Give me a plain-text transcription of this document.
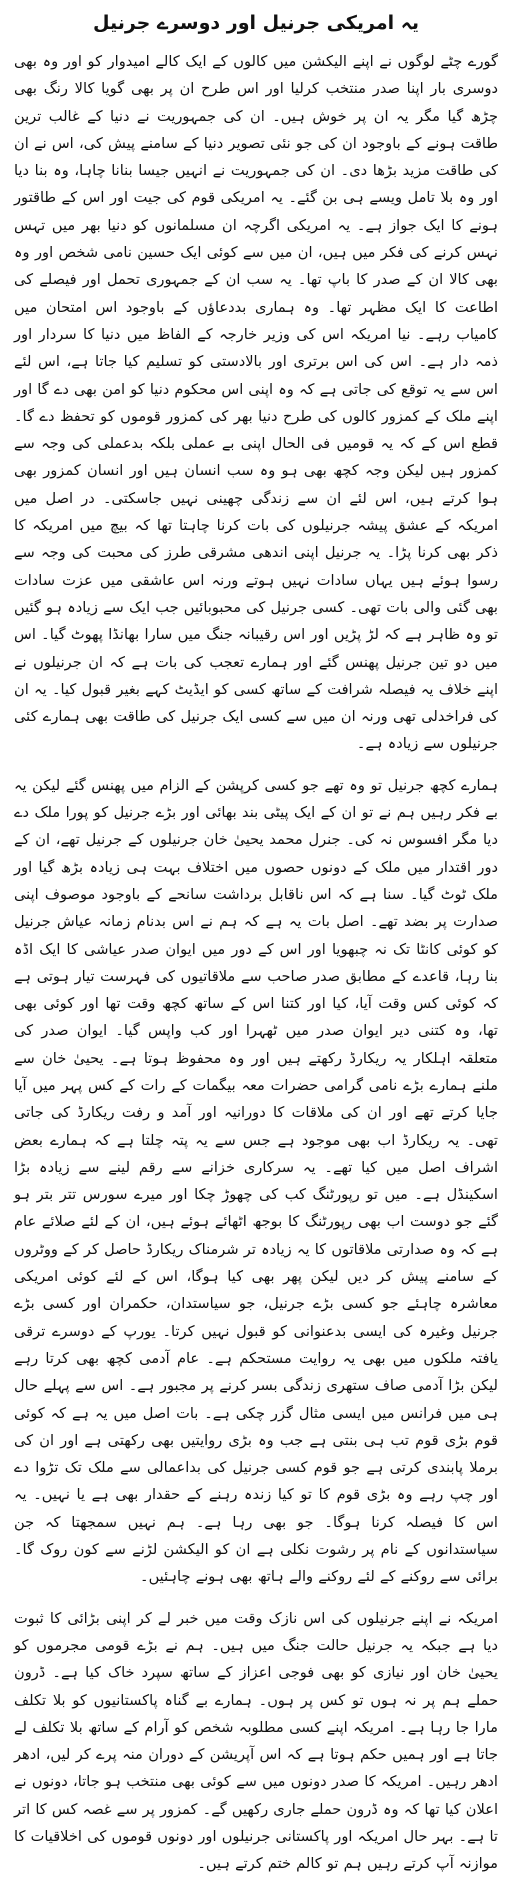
یہ امریکی جرنیل اور دوسرے جرنیل

گورے چٹے لوگوں نے اپنے الیکشن میں کالوں کے ایک کالے امیدوار کو اور وہ بھی دوسری بار اپنا صدر منتخب کرلیا اور اس طرح ان پر بھی گویا کالا رنگ بھی چڑھ گیا مگر یہ ان پر خوش ہیں۔ ان کی جمہوریت نے دنیا کے غالب ترین طاقت ہونے کے باوجود ان کی جو نئی تصویر دنیا کے سامنے پیش کی، اس نے ان کی طاقت مزید بڑھا دی۔ ان کی جمہوریت نے انہیں جیسا بنانا چاہا، وہ بنا دیا اور وہ بلا تامل ویسے ہی بن گئے۔ یہ امریکی قوم کی جیت اور اس کے طاقتور ہونے کا ایک جواز ہے۔ یہ امریکی اگرچہ ان مسلمانوں کو دنیا بھر میں تہس نہس کرنے کی فکر میں ہیں، ان میں سے کوئی ایک حسین نامی شخص اور وہ بھی کالا ان کے صدر کا باپ تھا۔ یہ سب ان کے جمہوری تحمل اور فیصلے کی اطاعت کا ایک مظہر تھا۔ وہ ہماری بددعاؤں کے باوجود اس امتحان میں کامیاب رہے۔ نیا امریکہ اس کی وزیر خارجہ کے الفاظ میں دنیا کا سردار اور ذمہ دار ہے۔ اس کی اس برتری اور بالادستی کو تسلیم کیا جاتا ہے، اس لئے اس سے یہ توقع کی جاتی ہے کہ وہ اپنی اس محکوم دنیا کو امن بھی دے گا اور اپنے ملک کے کمزور کالوں کی طرح دنیا بھر کی کمزور قوموں کو تحفظ دے گا۔ قطع اس کے کہ یہ قومیں فی الحال اپنی بے عملی بلکہ بدعملی کی وجہ سے کمزور ہیں لیکن وجہ کچھ بھی ہو وہ سب انسان ہیں اور انسان کمزور بھی ہوا کرتے ہیں، اس لئے ان سے زندگی چھینی نہیں جاسکتی۔ در اصل میں امریکہ کے عشق پیشہ جرنیلوں کی بات کرنا چاہتا تھا کہ بیچ میں امریکہ کا ذکر بھی کرنا پڑا۔ یہ جرنیل اپنی اندھی مشرقی طرز کی محبت کی وجہ سے رسوا ہوئے ہیں یہاں سادات نہیں ہوتے ورنہ اس عاشقی میں عزت سادات بھی گئی والی بات تھی۔ کسی جرنیل کی محبوبائیں جب ایک سے زیادہ ہو گئیں تو وہ ظاہر ہے کہ لڑ پڑیں اور اس رقیبانہ جنگ میں سارا بھانڈا پھوٹ گیا۔ اس میں دو تین جرنیل پھنس گئے اور ہمارے تعجب کی بات ہے کہ ان جرنیلوں نے اپنے خلاف یہ فیصلہ شرافت کے ساتھ کسی کو ایڈیٹ کہے بغیر قبول کیا۔ یہ ان کی فراخدلی تھی ورنہ ان میں سے کسی ایک جرنیل کی طاقت بھی ہمارے کئی جرنیلوں سے زیادہ ہے۔

ہمارے کچھ جرنیل تو وہ تھے جو کسی کرپشن کے الزام میں پھنس گئے لیکن یہ بے فکر رہیں ہم نے تو ان کے ایک پیٹی بند بھائی اور بڑے جرنیل کو پورا ملک دے دیا مگر افسوس نہ کی۔ جنرل محمد یحییٰ خان جرنیلوں کے جرنیل تھے، ان کے دور اقتدار میں ملک کے دونوں حصوں میں اختلاف بہت ہی زیادہ بڑھ گیا اور ملک ٹوٹ گیا۔ سنا ہے کہ اس ناقابل برداشت سانحے کے باوجود موصوف اپنی صدارت پر بضد تھے۔ اصل بات یہ ہے کہ ہم نے اس بدنام زمانہ عیاش جرنیل کو کوئی کانٹا تک نہ چبھویا اور اس کے دور میں ایوان صدر عیاشی کا ایک اڈہ بنا رہا، قاعدے کے مطابق صدر صاحب سے ملاقاتیوں کی فہرست تیار ہوتی ہے کہ کوئی کس وقت آیا، کیا اور کتنا اس کے ساتھ کچھ وقت تھا اور کوئی بھی تھا، وہ کتنی دیر ایوان صدر میں ٹھہرا اور کب واپس گیا۔ ایوان صدر کی متعلقہ اہلکار یہ ریکارڈ رکھتے ہیں اور وہ محفوظ ہوتا ہے۔ یحییٰ خان سے ملنے ہمارے بڑے نامی گرامی حضرات معہ بیگمات کے رات کے کس پہر میں آیا جایا کرتے تھے اور ان کی ملاقات کا دورانیہ اور آمد و رفت ریکارڈ کی جاتی تھی۔ یہ ریکارڈ اب بھی موجود ہے جس سے یہ پتہ چلتا ہے کہ ہمارے بعض اشراف اصل میں کیا تھے۔ یہ سرکاری خزانے سے رقم لینے سے زیادہ بڑا اسکینڈل ہے۔ میں تو رپورٹنگ کب کی چھوڑ چکا اور میرے سورس تتر بتر ہو گئے جو دوست اب بھی رپورٹنگ کا بوجھ اٹھائے ہوئے ہیں، ان کے لئے صلائے عام ہے کہ وہ صدارتی ملاقاتوں کا یہ زیادہ تر شرمناک ریکارڈ حاصل کر کے ووٹروں کے سامنے پیش کر دیں لیکن پھر بھی کیا ہوگا، اس کے لئے کوئی امریکی معاشرہ چاہئے جو کسی بڑے جرنیل، جو سیاستدان، حکمران اور کسی بڑے جرنیل وغیرہ کی ایسی بدعنوانی کو قبول نہیں کرتا۔ یورپ کے دوسرے ترقی یافتہ ملکوں میں بھی یہ روایت مستحکم ہے۔ عام آدمی کچھ بھی کرتا رہے لیکن بڑا آدمی صاف ستھری زندگی بسر کرنے پر مجبور ہے۔ اس سے پہلے حال ہی میں فرانس میں ایسی مثال گزر چکی ہے۔ بات اصل میں یہ ہے کہ کوئی قوم بڑی قوم تب ہی بنتی ہے جب وہ بڑی روایتیں بھی رکھتی ہے اور ان کی برملا پابندی کرتی ہے جو قوم کسی جرنیل کی بداعمالی سے ملک تک تڑوا دے اور چپ رہے وہ بڑی قوم کا تو کیا زندہ رہنے کے حقدار بھی ہے یا نہیں۔ یہ اس کا فیصلہ کرنا ہوگا۔ جو بھی رہا ہے۔ ہم نہیں سمجھتا کہ جن سیاستدانوں کے نام پر رشوت نکلی ہے ان کو الیکشن لڑنے سے کون روک گا۔ برائی سے روکنے کے لئے روکنے والے ہاتھ بھی ہونے چاہئیں۔

امریکہ نے اپنے جرنیلوں کی اس نازک وقت میں خبر لے کر اپنی بڑائی کا ثبوت دیا ہے جبکہ یہ جرنیل حالت جنگ میں ہیں۔ ہم نے بڑے قومی مجرموں کو یحییٰ خان اور نیازی کو بھی فوجی اعزاز کے ساتھ سپرد خاک کیا ہے۔ ڈرون حملے ہم پر نہ ہوں تو کس پر ہوں۔ ہمارے بے گناہ پاکستانیوں کو بلا تکلف مارا جا رہا ہے۔ امریکہ اپنے کسی مطلوبہ شخص کو آرام کے ساتھ بلا تکلف لے جاتا ہے اور ہمیں حکم ہوتا ہے کہ اس آپریشن کے دوران منہ پرے کر لیں، ادھر ادھر رہیں۔ امریکہ کا صدر دونوں میں سے کوئی بھی منتخب ہو جاتا، دونوں نے اعلان کیا تھا کہ وہ ڈرون حملے جاری رکھیں گے۔ کمزور پر سے غصہ کس کا اتر تا ہے۔ بہر حال امریکہ اور پاکستانی جرنیلوں اور دونوں قوموں کی اخلاقیات کا موازنہ آپ کرتے رہیں ہم تو کالم ختم کرتے ہیں۔
